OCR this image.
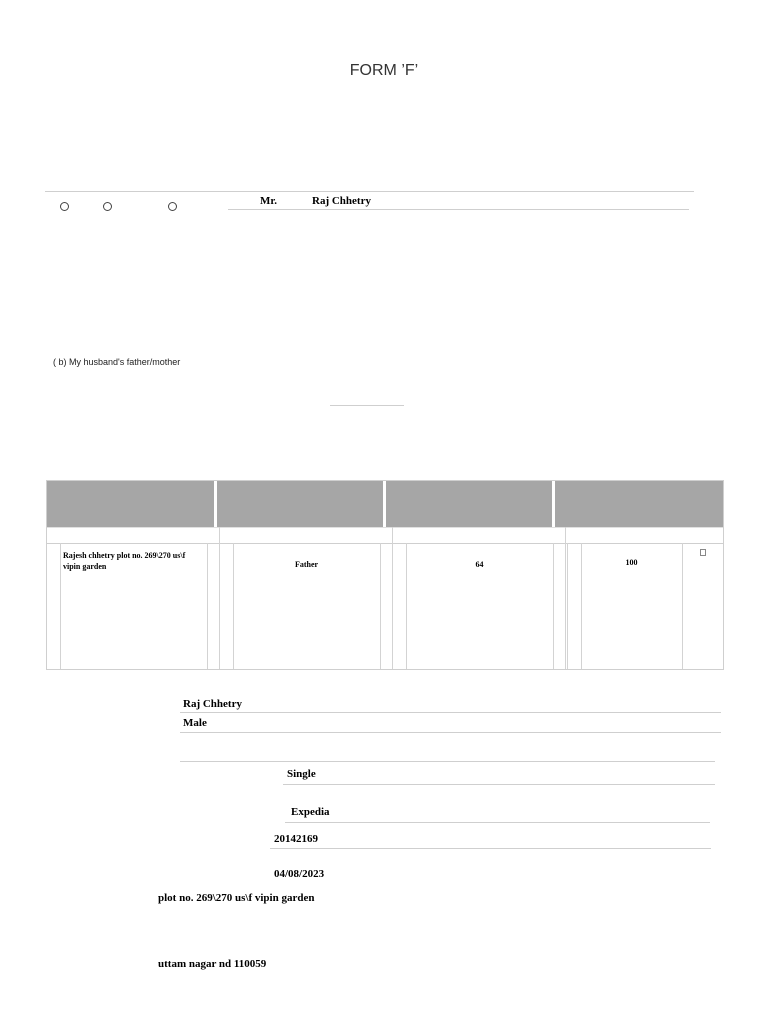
FORM ’F’
Mr.	Raj Chhetry
( b) My husband's father/mother
Rajesh chhetry plot no. 269\270 us\f vipin garden	Father	64	100
Raj Chhetry
Male
Single
Expedia
20142169
04/08/2023
plot no. 269\270 us\f vipin garden
uttam nagar nd 110059
